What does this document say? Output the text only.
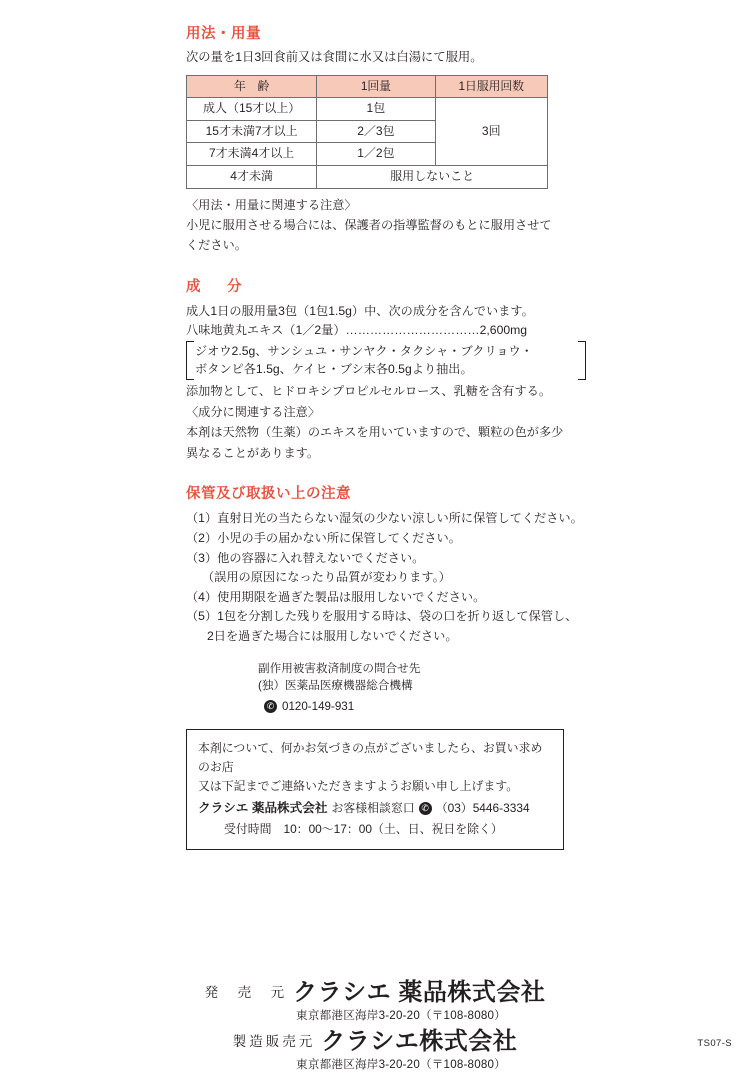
用法・用量

次の量を1日3回食前又は食間に水又は白湯にて服用。

年　齢	1回量	1日服用回数
成人（15才以上）	1包	3回
15才未満7才以上	2／3包	
7才未満4才以上	1／2包	
4才未満	服用しないこと	

〈用法・用量に関連する注意〉

小児に服用させる場合には、保護者の指導監督のもとに服用させて

ください。

成　分

成人1日の服用量3包（1包1.5g）中、次の成分を含んでいます。

八味地黄丸エキス（1／2量）……………………………2,600mg

ジオウ2.5g、サンシュユ・サンヤク・タクシャ・ブクリョウ・
ボタンピ各1.5g、ケイヒ・ブシ末各0.5gより抽出。

添加物として、ヒドロキシプロピルセルロース、乳糖を含有する。

〈成分に関連する注意〉

本剤は天然物（生薬）のエキスを用いていますので、顆粒の色が多少

異なることがあります。

保管及び取扱い上の注意

（1）直射日光の当たらない湿気の少ない涼しい所に保管してください。

（2）小児の手の届かない所に保管してください。

（3）他の容器に入れ替えないでください。

（誤用の原因になったり品質が変わります。）

（4）使用期限を過ぎた製品は服用しないでください。

（5）1包を分割した残りを服用する時は、袋の口を折り返して保管し、

2日を過ぎた場合には服用しないでください。

副作用被害救済制度の問合せ先
(独）医薬品医療機器総合機構
✆ 0120-149-931
本剤について、何かお気づきの点がございましたら、お買い求めのお店
又は下記までご連絡いただきますようお願い申し上げます。
クラシエ 薬品株式会社 お客様相談窓口 ✆ （03）5446-3334
受付時間　10：00～17：00（土、日、祝日を除く）
発　売　元 クラシエ 薬品株式会社
東京都港区海岸3-20-20（〒108-8080）
製造販売元 クラシエ株式会社
東京都港区海岸3-20-20（〒108-8080）
TS07-S
